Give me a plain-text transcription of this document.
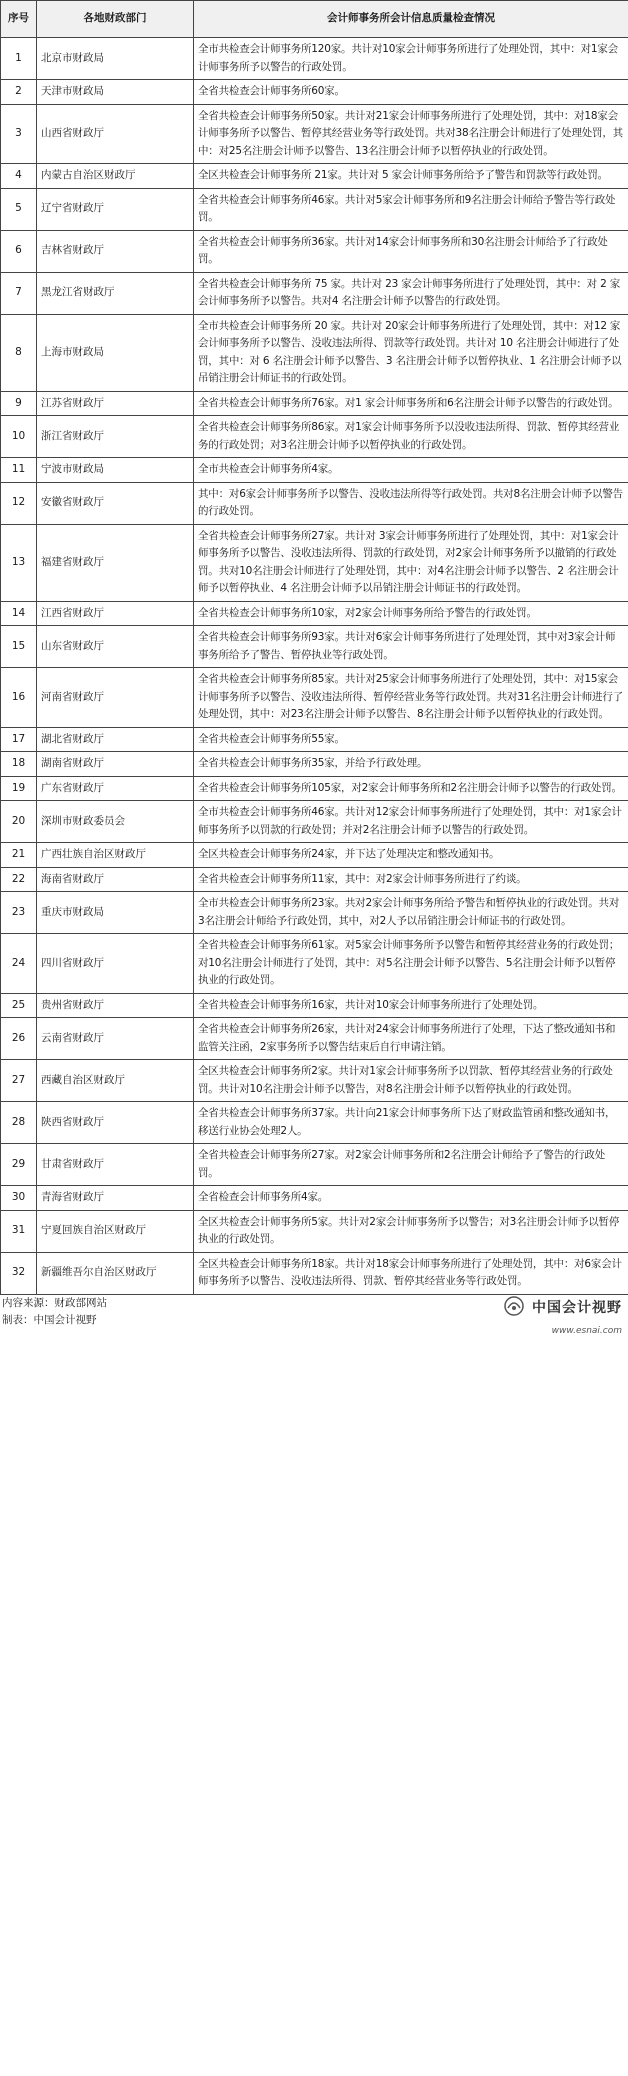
序号	各地财政部门	会计师事务所会计信息质量检查情况
1	北京市财政局	全市共检查会计师事务所120家。共计对10家会计师事务所进行了处理处罚，其中：对1家会计师事务所予以警告的行政处罚。
2	天津市财政局	全省共检查会计师事务所60家。
3	山西省财政厅	全省共检查会计师事务所50家。共计对21家会计师事务所进行了处理处罚，其中：对18家会计师事务所予以警告、暂停其经营业务等行政处罚。共对38名注册会计师进行了处理处罚，其中：对25名注册会计师予以警告、13名注册会计师予以暂停执业的行政处罚。
4	内蒙古自治区财政厅	全区共检查会计师事务所 21家。共计对 5 家会计师事务所给予了警告和罚款等行政处罚。
5	辽宁省财政厅	全省共检查会计师事务所46家。共计对5家会计师事务所和9名注册会计师给予警告等行政处罚。
6	吉林省财政厅	全省共检查会计师事务所36家。共计对14家会计师事务所和30名注册会计师给予了行政处罚。
7	黑龙江省财政厅	全省共检查会计师事务所 75 家。共计对 23 家会计师事务所进行了处理处罚，其中：对 2 家会计师事务所予以警告。共对4 名注册会计师予以警告的行政处罚。
8	上海市财政局	全市共检查会计师事务所 20 家。共计对 20家会计师事务所进行了处理处罚，其中：对12 家会计师事务所予以警告、没收违法所得、罚款等行政处罚。共计对 10 名注册会计师进行了处罚，其中：对 6 名注册会计师予以警告、3 名注册会计师予以暂停执业、1 名注册会计师予以吊销注册会计师证书的行政处罚。
9	江苏省财政厅	全省共检查会计师事务所76家。对1 家会计师事务所和6名注册会计师予以警告的行政处罚。
10	浙江省财政厅	全省共检查会计师事务所86家。对1家会计师事务所予以没收违法所得、罚款、暂停其经营业务的行政处罚；对3名注册会计师予以暂停执业的行政处罚。
11	宁波市财政局	全市共检查会计师事务所4家。
12	安徽省财政厅	其中：对6家会计师事务所予以警告、没收违法所得等行政处罚。共对8名注册会计师予以警告的行政处罚。
13	福建省财政厅	全省共检查会计师事务所27家。共计对 3家会计师事务所进行了处理处罚，其中：对1家会计师事务所予以警告、没收违法所得、罚款的行政处罚，对2家会计师事务所予以撤销的行政处罚。共对10名注册会计师进行了处理处罚，其中：对4名注册会计师予以警告、2 名注册会计师予以暂停执业、4 名注册会计师予以吊销注册会计师证书的行政处罚。
14	江西省财政厅	全省共检查会计师事务所10家，对2家会计师事务所给予警告的行政处罚。
15	山东省财政厅	全省共检查会计师事务所93家。共计对6家会计师事务所进行了处理处罚，其中对3家会计师事务所给予了警告、暂停执业等行政处罚。
16	河南省财政厅	全省共检查会计师事务所85家。共计对25家会计师事务所进行了处理处罚，其中：对15家会计师事务所予以警告、没收违法所得、暂停经营业务等行政处罚。共对31名注册会计师进行了处理处罚，其中：对23名注册会计师予以警告、8名注册会计师予以暂停执业的行政处罚。
17	湖北省财政厅	全省共检查会计师事务所55家。
18	湖南省财政厅	全省共检查会计师事务所35家，并给予行政处理。
19	广东省财政厅	全省共检查会计师事务所105家，对2家会计师事务所和2名注册会计师予以警告的行政处罚。
20	深圳市财政委员会	全市共检查会计师事务所46家。共计对12家会计师事务所进行了处理处罚，其中：对1家会计师事务所予以罚款的行政处罚；并对2名注册会计师予以警告的行政处罚。
21	广西壮族自治区财政厅	全区共检查会计师事务所24家，并下达了处理决定和整改通知书。
22	海南省财政厅	全省共检查会计师事务所11家，其中：对2家会计师事务所进行了约谈。
23	重庆市财政局	全市共检查会计师事务所23家。共对2家会计师事务所给予警告和暂停执业的行政处罚。共对3名注册会计师给予行政处罚，其中，对2人予以吊销注册会计师证书的行政处罚。
24	四川省财政厅	全省共检查会计师事务所61家。对5家会计师事务所予以警告和暂停其经营业务的行政处罚；对10名注册会计师进行了处罚，其中：对5名注册会计师予以警告、5名注册会计师予以暂停执业的行政处罚。
25	贵州省财政厅	全省共检查会计师事务所16家，共计对10家会计师事务所进行了处理处罚。
26	云南省财政厅	全省共检查会计师事务所26家，共计对24家会计师事务所进行了处理，下达了整改通知书和监管关注函，2家事务所予以警告结束后自行申请注销。
27	西藏自治区财政厅	全区共检查会计师事务所2家。共计对1家会计师事务所予以罚款、暂停其经营业务的行政处罚。共计对10名注册会计师予以警告，对8名注册会计师予以暂停执业的行政处罚。
28	陕西省财政厅	全省共检查会计师事务所37家。共计向21家会计师事务所下达了财政监管函和整改通知书，移送行业协会处理2人。
29	甘肃省财政厅	全省共检查会计师事务所27家。对2家会计师事务所和2名注册会计师给予了警告的行政处罚。
30	青海省财政厅	全省检查会计师事务所4家。
31	宁夏回族自治区财政厅	全区共检查会计师事务所5家。共计对2家会计师事务所予以警告；对3名注册会计师予以暂停执业的行政处罚。
32	新疆维吾尔自治区财政厅	全区共检查会计师事务所18家。共计对18家会计师事务所进行了处理处罚，其中：对6家会计师事务所予以警告、没收违法所得、罚款、暂停其经营业务等行政处罚。
内容来源：财政部网站
制表：中国会计视野
中国会计视野
www.esnai.com
